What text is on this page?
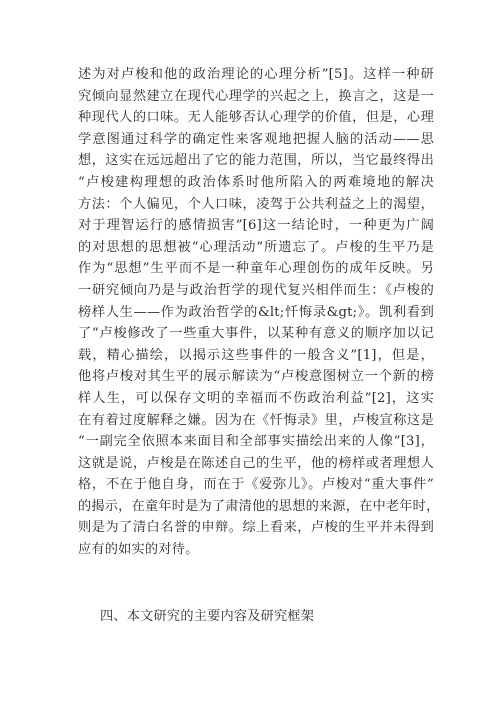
述为对卢梭和他的政治理论的心理分析”[5]。这样一种研
究倾向显然建立在现代心理学的兴起之上，换言之，这是一
种现代人的口味。无人能够否认心理学的价值，但是，心理
学意图通过科学的确定性来客观地把握人脑的活动——思
想，这实在远远超出了它的能力范围，所以，当它最终得出
“卢梭建构理想的政治体系时他所陷入的两难境地的解决
方法：个人偏见，个人口味，凌驾于公共利益之上的渴望，
对于理智运行的感情损害”[6]这一结论时，一种更为广阔
的对思想的思想被“心理活动”所遗忘了。卢梭的生平乃是
作为“思想”生平而不是一种童年心理创伤的成年反映。另
一研究倾向乃是与政治哲学的现代复兴相伴而生：《卢梭的
榜样人生——作为政治哲学的&lt;忏悔录&gt;》。凯利看到
了“卢梭修改了一些重大事件，以某种有意义的顺序加以记
载，精心描绘，以揭示这些事件的一般含义”[1]，但是，
他将卢梭对其生平的展示解读为“卢梭意图树立一个新的榜
样人生，可以保存文明的幸福而不伤政治利益”[2]，这实
在有着过度解释之嫌。因为在《忏悔录》里，卢梭宣称这是
“一副完全依照本来面目和全部事实描绘出来的人像”[3]，
这就是说，卢梭是在陈述自己的生平，他的榜样或者理想人
格，不在于他自身，而在于《爱弥儿》。卢梭对“重大事件”
的揭示，在童年时是为了肃清他的思想的来源，在中老年时，
则是为了清白名誉的申辩。综上看来，卢梭的生平并未得到
应有的如实的对待。
四、本文研究的主要内容及研究框架
